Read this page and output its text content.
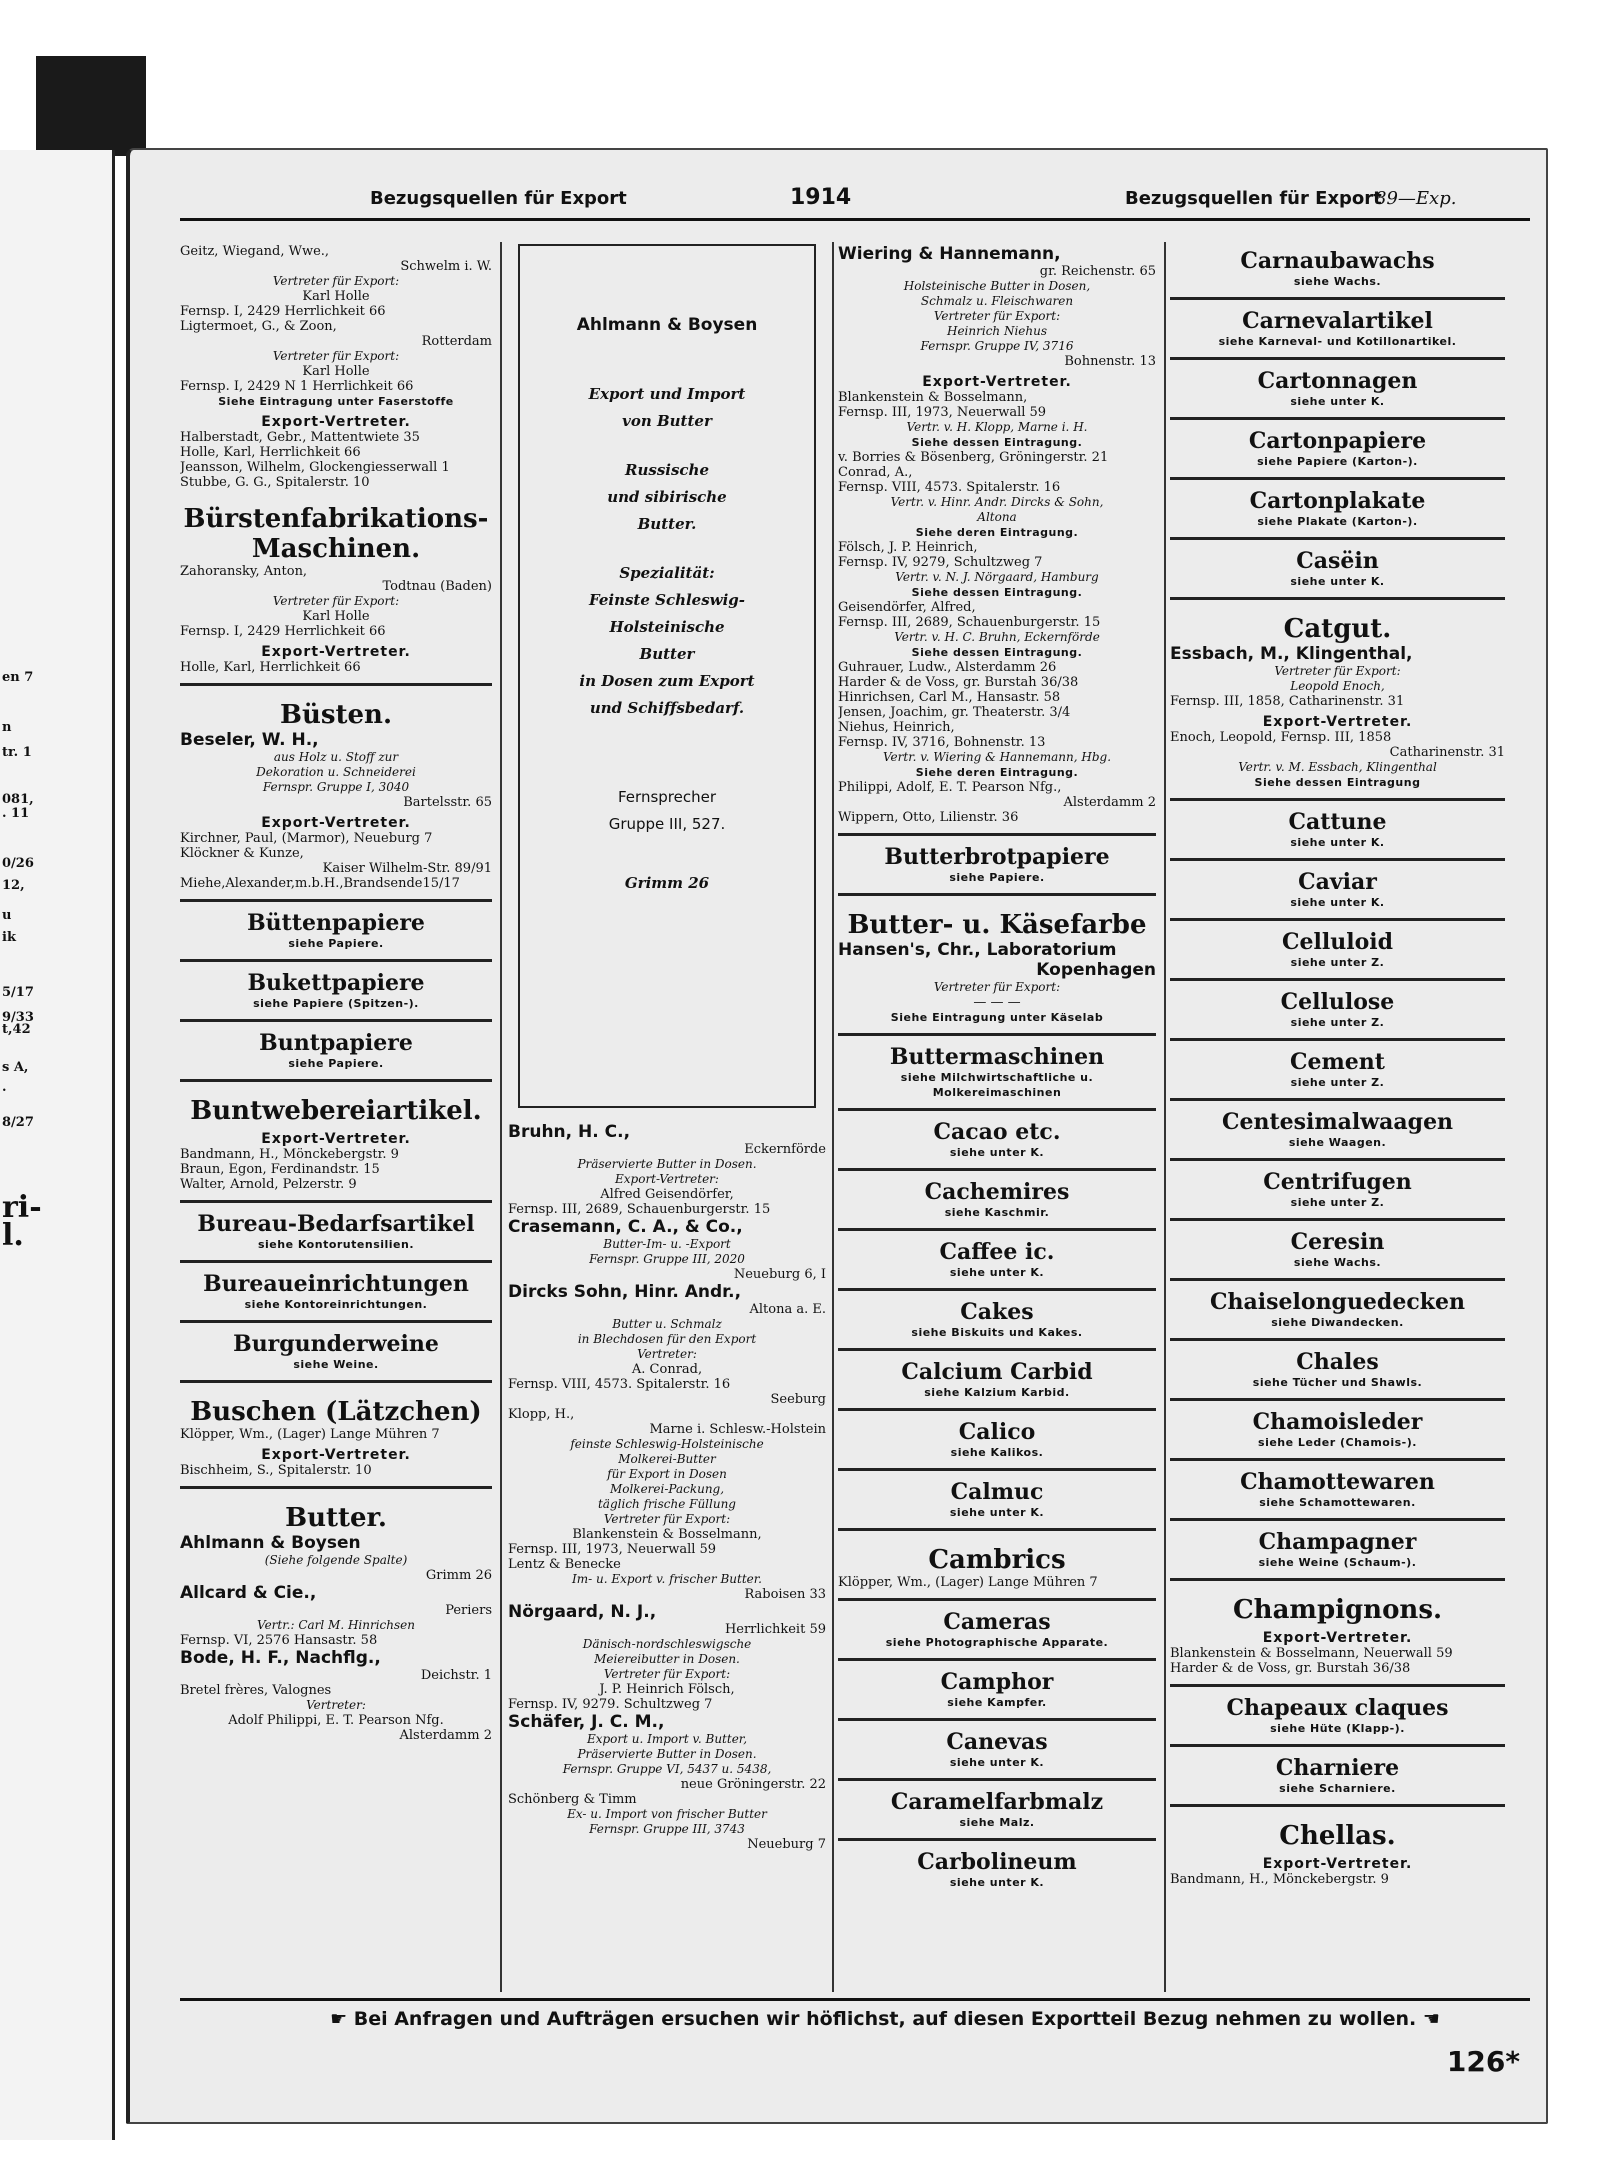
en 7
n
tr. 1
081,
. 11
0/26
12,
u
ik
5/17
9/33
t,42
s A,
.
8/27
ri-
l.
Bezugsquellen für Export	1914	Bezugsquellen für Export
89—Exp.
Geitz, Wiegand, Wwe.,
Schwelm i. W.
Vertreter für Export:
Karl Holle
Fernsp. I, 2429 Herrlichkeit 66
Ligtermoet, G., & Zoon,
Rotterdam
Vertreter für Export:
Karl Holle
Fernsp. I, 2429 N 1 Herrlichkeit 66
Siehe Eintragung unter Faserstoffe
Export-Vertreter.
Halberstadt, Gebr., Mattentwiete 35
Holle, Karl, Herrlichkeit 66
Jeansson, Wilhelm, Glockengiesserwall 1
Stubbe, G. G., Spitalerstr. 10
Bürstenfabrikations-
Maschinen.
Zahoransky, Anton,
Todtnau (Baden)
Vertreter für Export:
Karl Holle
Fernsp. I, 2429 Herrlichkeit 66
Export-Vertreter.
Holle, Karl, Herrlichkeit 66
Büsten.
Beseler, W. H.,
aus Holz u. Stoff zur
Dekoration u. Schneiderei
Fernspr. Gruppe I, 3040
Bartelsstr. 65
Export-Vertreter.
Kirchner, Paul, (Marmor), Neueburg 7
Klöckner & Kunze,
Kaiser Wilhelm-Str. 89/91
Miehe,Alexander,m.b.H.,Brandsende15/17
Büttenpapiere
siehe Papiere.
Bukettpapiere
siehe Papiere (Spitzen-).
Buntpapiere
siehe Papiere.
Buntwebereiartikel.
Export-Vertreter.
Bandmann, H., Mönckebergstr. 9
Braun, Egon, Ferdinandstr. 15
Walter, Arnold, Pelzerstr. 9
Bureau-Bedarfsartikel
siehe Kontorutensilien.
Bureaueinrichtungen
siehe Kontoreinrichtungen.
Burgunderweine
siehe Weine.
Buschen (Lätzchen)
Klöpper, Wm., (Lager) Lange Mühren 7
Export-Vertreter.
Bischheim, S., Spitalerstr. 10
Butter.
Ahlmann & Boysen
(Siehe folgende Spalte)
Grimm 26
Allcard & Cie.,
Periers
Vertr.: Carl M. Hinrichsen
Fernsp. VI, 2576 Hansastr. 58
Bode, H. F., Nachflg.,
Deichstr. 1
Bretel frères, Valognes
Vertreter:
Adolf Philippi, E. T. Pearson Nfg.
Alsterdamm 2
Ahlmann & Boysen
Export und Import
von Butter
Russische
und sibirische
Butter.
Spezialität:
Feinste Schleswig-
Holsteinische
Butter
in Dosen zum Export
und Schiffsbedarf.
Fernsprecher
Gruppe III, 527.
Grimm 26
Bruhn, H. C.,
Eckernförde
Präservierte Butter in Dosen.
Export-Vertreter:
Alfred Geisendörfer,
Fernsp. III, 2689, Schauenburgerstr. 15
Crasemann, C. A., & Co.,
Butter-Im- u. -Export
Fernspr. Gruppe III, 2020
Neueburg 6, I
Dircks Sohn, Hinr. Andr.,
Altona a. E.
Butter u. Schmalz
in Blechdosen für den Export
Vertreter:
A. Conrad,
Fernsp. VIII, 4573. Spitalerstr. 16
Seeburg
Klopp, H.,
Marne i. Schlesw.-Holstein
feinste Schleswig-Holsteinische
Molkerei-Butter
für Export in Dosen
Molkerei-Packung,
täglich frische Füllung
Vertreter für Export:
Blankenstein & Bosselmann,
Fernsp. III, 1973, Neuerwall 59
Lentz & Benecke
Im- u. Export v. frischer Butter.
Raboisen 33
Nörgaard, N. J.,
Herrlichkeit 59
Dänisch-nordschleswigsche
Meiereibutter in Dosen.
Vertreter für Export:
J. P. Heinrich Fölsch,
Fernsp. IV, 9279. Schultzweg 7
Schäfer, J. C. M.,
Export u. Import v. Butter,
Präservierte Butter in Dosen.
Fernspr. Gruppe VI, 5437 u. 5438,
neue Gröningerstr. 22
Schönberg & Timm
Ex- u. Import von frischer Butter
Fernspr. Gruppe III, 3743
Neueburg 7
Wiering & Hannemann,
gr. Reichenstr. 65
Holsteinische Butter in Dosen,
Schmalz u. Fleischwaren
Vertreter für Export:
Heinrich Niehus
Fernspr. Gruppe IV, 3716
Bohnenstr. 13
Export-Vertreter.
Blankenstein & Bosselmann,
Fernsp. III, 1973, Neuerwall 59
Vertr. v. H. Klopp, Marne i. H.
Siehe dessen Eintragung.
v. Borries & Bösenberg, Gröningerstr. 21
Conrad, A.,
Fernsp. VIII, 4573. Spitalerstr. 16
Vertr. v. Hinr. Andr. Dircks & Sohn,
Altona
Siehe deren Eintragung.
Fölsch, J. P. Heinrich,
Fernsp. IV, 9279, Schultzweg 7
Vertr. v. N. J. Nörgaard, Hamburg
Siehe dessen Eintragung.
Geisendörfer, Alfred,
Fernsp. III, 2689, Schauenburgerstr. 15
Vertr. v. H. C. Bruhn, Eckernförde
Siehe dessen Eintragung.
Guhrauer, Ludw., Alsterdamm 26
Harder & de Voss, gr. Burstah 36/38
Hinrichsen, Carl M., Hansastr. 58
Jensen, Joachim, gr. Theaterstr. 3/4
Niehus, Heinrich,
Fernsp. IV, 3716, Bohnenstr. 13
Vertr. v. Wiering & Hannemann, Hbg.
Siehe deren Eintragung.
Philippi, Adolf, E. T. Pearson Nfg.,
Alsterdamm 2
Wippern, Otto, Lilienstr. 36
Butterbrotpapiere
siehe Papiere.
Butter- u. Käsefarbe
Hansen's, Chr., Laboratorium
Kopenhagen
Vertreter für Export:
— — —
Siehe Eintragung unter Käselab
Buttermaschinen
siehe Milchwirtschaftliche u.
Molkereimaschinen
Cacao etc.
siehe unter K.
Cachemires
siehe Kaschmir.
Caffee ic.
siehe unter K.
Cakes
siehe Biskuits und Kakes.
Calcium Carbid
siehe Kalzium Karbid.
Calico
siehe Kalikos.
Calmuc
siehe unter K.
Cambrics
Klöpper, Wm., (Lager) Lange Mühren 7
Cameras
siehe Photographische Apparate.
Camphor
siehe Kampfer.
Canevas
siehe unter K.
Caramelfarbmalz
siehe Malz.
Carbolineum
siehe unter K.
Carnaubawachs
siehe Wachs.
Carnevalartikel
siehe Karneval- und Kotillonartikel.
Cartonnagen
siehe unter K.
Cartonpapiere
siehe Papiere (Karton-).
Cartonplakate
siehe Plakate (Karton-).
Casëin
siehe unter K.
Catgut.
Essbach, M., Klingenthal,
Vertreter für Export:
Leopold Enoch,
Fernsp. III, 1858, Catharinenstr. 31
Export-Vertreter.
Enoch, Leopold, Fernsp. III, 1858
Catharinenstr. 31
Vertr. v. M. Essbach, Klingenthal
Siehe dessen Eintragung
Cattune
siehe unter K.
Caviar
siehe unter K.
Celluloid
siehe unter Z.
Cellulose
siehe unter Z.
Cement
siehe unter Z.
Centesimalwaagen
siehe Waagen.
Centrifugen
siehe unter Z.
Ceresin
siehe Wachs.
Chaiselonguedecken
siehe Diwandecken.
Chales
siehe Tücher und Shawls.
Chamoisleder
siehe Leder (Chamois-).
Chamottewaren
siehe Schamottewaren.
Champagner
siehe Weine (Schaum-).
Champignons.
Export-Vertreter.
Blankenstein & Bosselmann, Neuerwall 59
Harder & de Voss, gr. Burstah 36/38
Chapeaux claques
siehe Hüte (Klapp-).
Charniere
siehe Scharniere.
Chellas.
Export-Vertreter.
Bandmann, H., Mönckebergstr. 9
☛ Bei Anfragen und Aufträgen ersuchen wir höflichst, auf diesen Exportteil Bezug nehmen zu wollen. ☚
126*
